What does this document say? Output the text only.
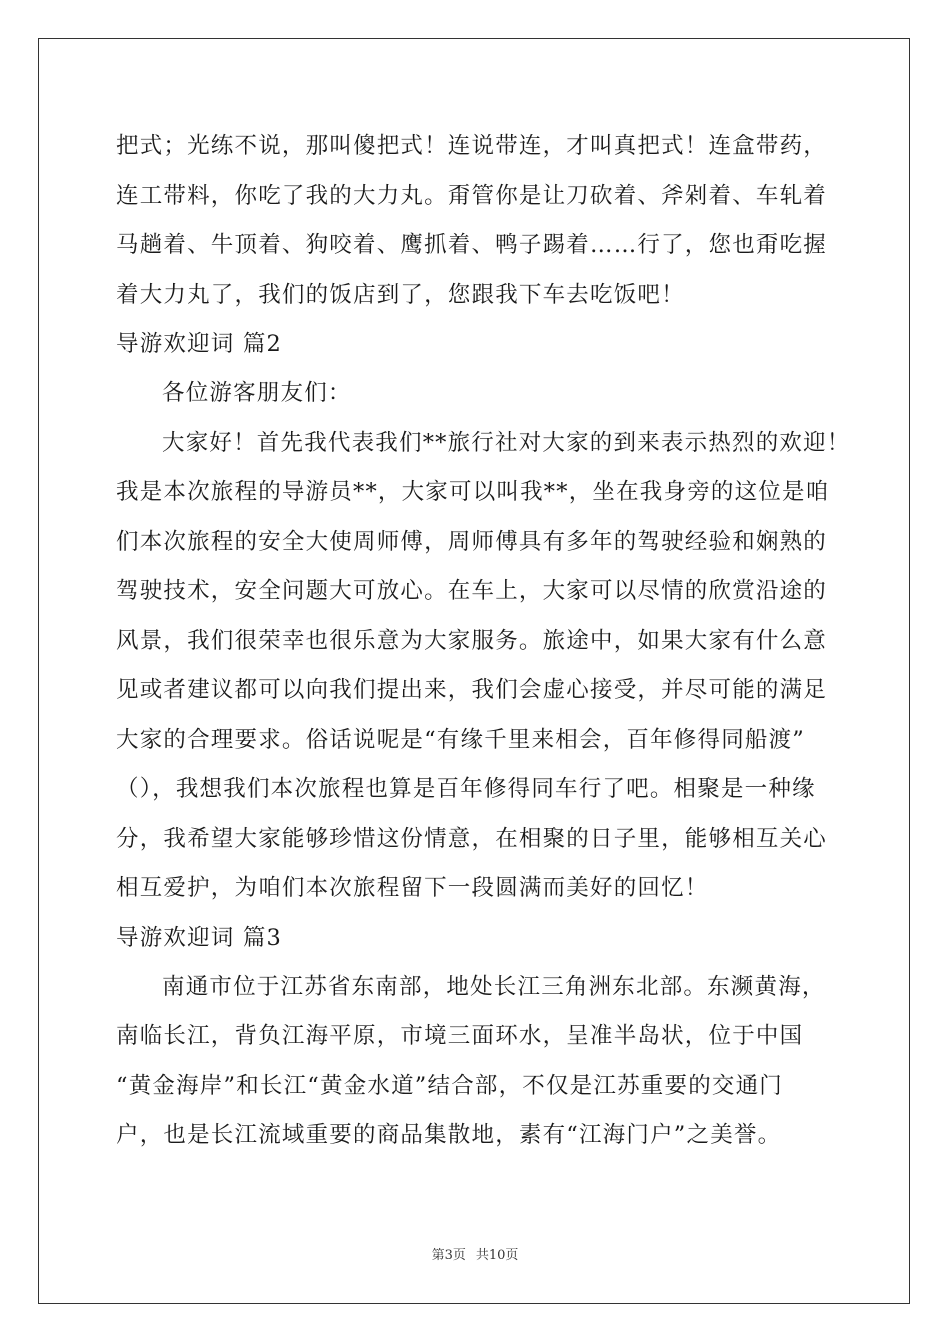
把式；光练不说，那叫傻把式！连说带连，才叫真把式！连盒带药，

连工带料，你吃了我的大力丸。甭管你是让刀砍着、斧剁着、车轧着

马趟着、牛顶着、狗咬着、鹰抓着、鸭子踢着……行了，您也甭吃握

着大力丸了，我们的饭店到了，您跟我下车去吃饭吧！

导游欢迎词 篇2

各位游客朋友们：

大家好！首先我代表我们**旅行社对大家的到来表示热烈的欢迎！

我是本次旅程的导游员**，大家可以叫我**，坐在我身旁的这位是咱

们本次旅程的安全大使周师傅，周师傅具有多年的驾驶经验和娴熟的

驾驶技术，安全问题大可放心。在车上，大家可以尽情的欣赏沿途的

风景，我们很荣幸也很乐意为大家服务。旅途中，如果大家有什么意

见或者建议都可以向我们提出来，我们会虚心接受，并尽可能的满足

大家的合理要求。俗话说呢是“有缘千里来相会，百年修得同船渡”

（），我想我们本次旅程也算是百年修得同车行了吧。相聚是一种缘

分，我希望大家能够珍惜这份情意，在相聚的日子里，能够相互关心

相互爱护，为咱们本次旅程留下一段圆满而美好的回忆！

导游欢迎词 篇3

南通市位于江苏省东南部，地处长江三角洲东北部。东濒黄海，

南临长江，背负江海平原，市境三面环水，呈准半岛状，位于中国

“黄金海岸”和长江“黄金水道”结合部，不仅是江苏重要的交通门

户，也是长江流域重要的商品集散地，素有“江海门户”之美誉。

第3页 共10页
